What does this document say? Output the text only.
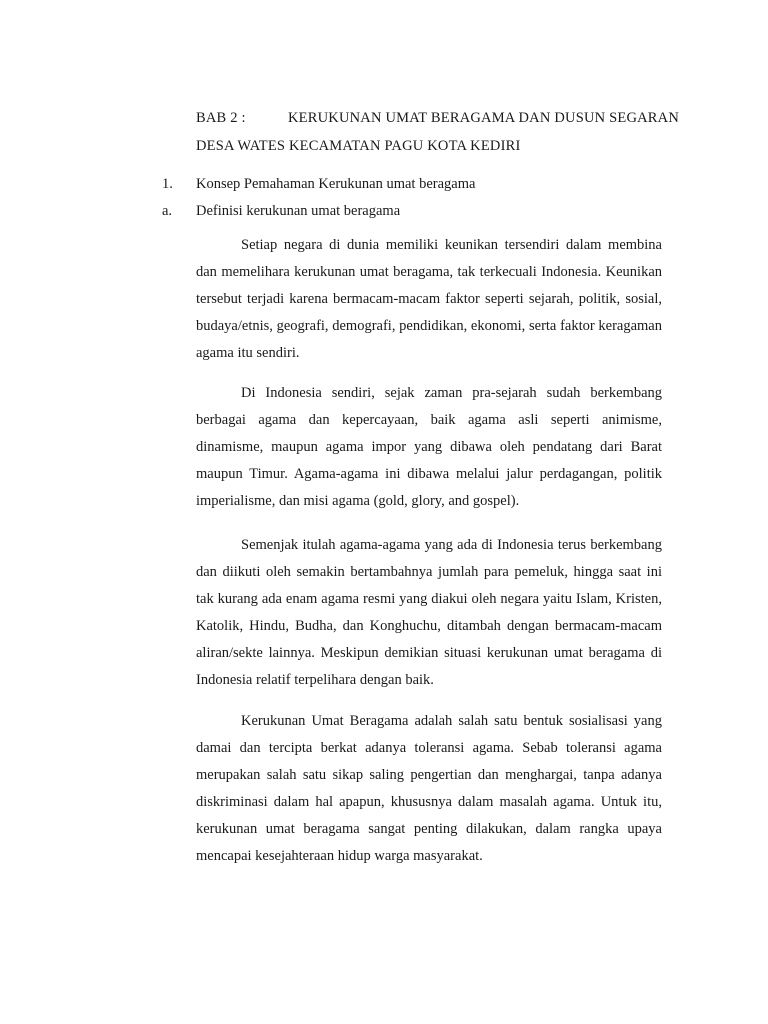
BAB 2 :	KERUKUNAN UMAT BERAGAMA DAN DUSUN SEGARAN
DESA WATES KECAMATAN PAGU KOTA KEDIRI
1. Konsep Pemahaman Kerukunan umat beragama
a. Definisi kerukunan umat beragama

Setiap negara di dunia memiliki keunikan tersendiri dalam membina dan memelihara kerukunan umat beragama, tak terkecuali Indonesia. Keunikan tersebut terjadi karena bermacam-macam faktor seperti sejarah, politik, sosial, budaya/etnis, geografi, demografi, pendidikan, ekonomi, serta faktor keragaman agama itu sendiri.

Di Indonesia sendiri, sejak zaman pra-sejarah sudah berkembang berbagai agama dan kepercayaan, baik agama asli seperti animisme, dinamisme, maupun agama impor yang dibawa oleh pendatang dari Barat maupun Timur. Agama-agama ini dibawa melalui jalur perdagangan, politik imperialisme, dan misi agama (gold, glory, and gospel).

Semenjak itulah agama-agama yang ada di Indonesia terus berkembang dan diikuti oleh semakin bertambahnya jumlah para pemeluk, hingga saat ini tak kurang ada enam agama resmi yang diakui oleh negara yaitu Islam, Kristen, Katolik, Hindu, Budha, dan Konghuchu, ditambah dengan bermacam-macam aliran/sekte lainnya. Meskipun demikian situasi kerukunan umat beragama di Indonesia relatif terpelihara dengan baik.

Kerukunan Umat Beragama adalah salah satu bentuk sosialisasi yang damai dan tercipta berkat adanya toleransi agama. Sebab toleransi agama merupakan salah satu sikap saling pengertian dan menghargai, tanpa adanya diskriminasi dalam hal apapun, khususnya dalam masalah agama. Untuk itu, kerukunan umat beragama sangat penting dilakukan, dalam rangka upaya mencapai kesejahteraan hidup warga masyarakat.
